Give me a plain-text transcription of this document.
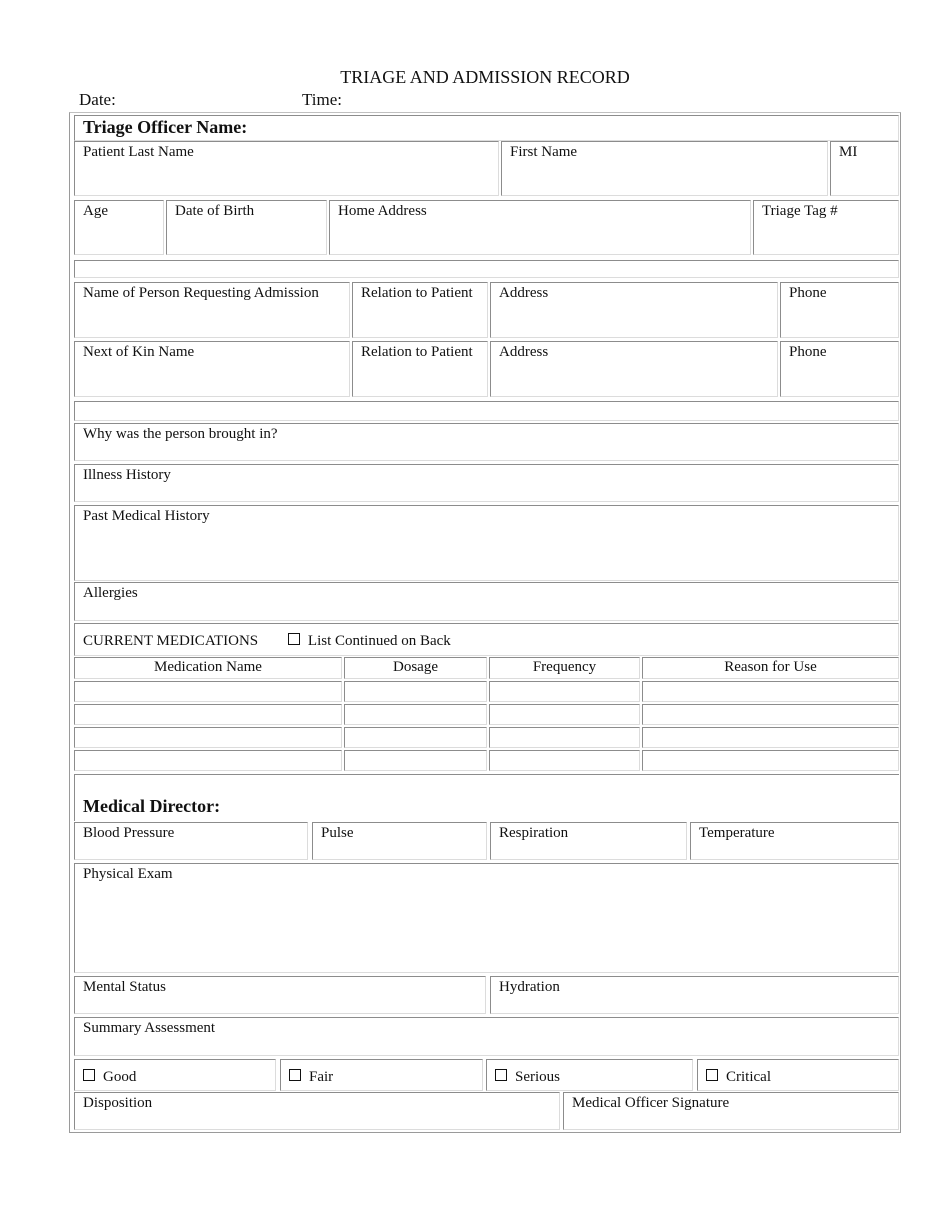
TRIAGE AND ADMISSION RECORD
Date:	Time:
Triage Officer Name:
Patient Last Name	First Name	MI
Age	Date of Birth	Home Address	Triage Tag #
Name of Person Requesting Admission	Relation to Patient	Address	Phone
Next of Kin Name	Relation to Patient	Address	Phone
Why was the person brought in?
Illness History
Past Medical History
Allergies
CURRENT MEDICATIONS	List Continued on Back
Medication Name	Dosage	Frequency	Reason for Use
Medical Director:
Blood Pressure	Pulse	Respiration	Temperature
Physical Exam
Mental Status	Hydration
Summary Assessment
Good	Fair	Serious	Critical
Disposition	Medical Officer Signature
